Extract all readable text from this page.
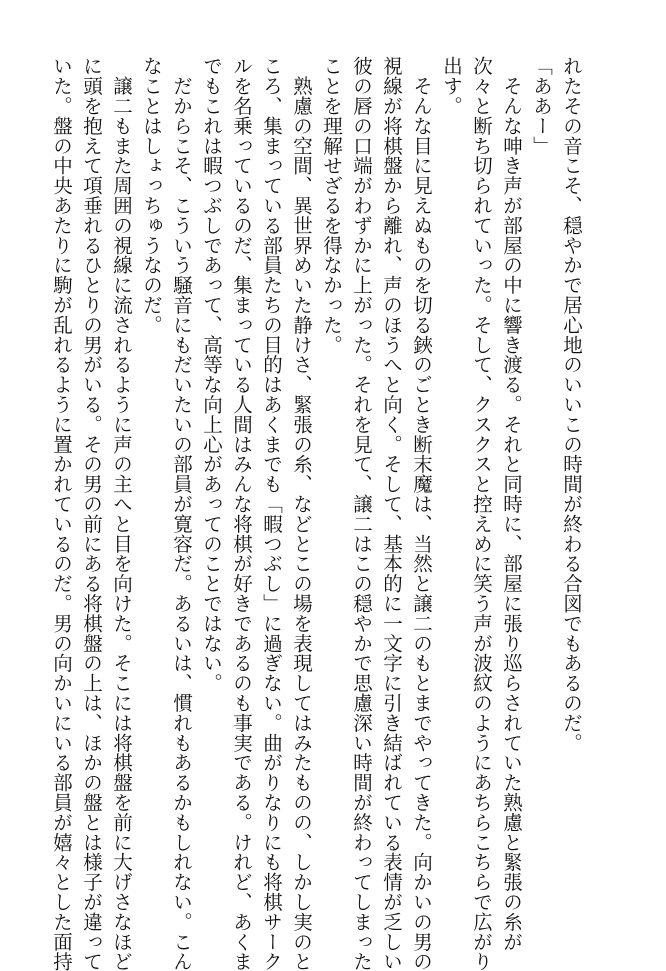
れたその音こそ、穏やかで居心地のいいこの時間が終わる合図でもあるのだ。
「ああー」
　そんな呻き声が部屋の中に響き渡る。それと同時に、部屋に張り巡らされていた熟慮と緊張の糸が
次々と断ち切られていった。そして、クスクスと控えめに笑う声が波紋のようにあちらこちらで広がり
出す。
　そんな目に見えぬものを切る鋏のごとき断末魔は、当然と譲二のもとまでやってきた。向かいの男の
視線が将棋盤から離れ、声のほうへと向く。そして、基本的に一文字に引き結ばれている表情が乏しい
彼の唇の口端がわずかに上がった。それを見て、譲二はこの穏やかで思慮深い時間が終わってしまった
ことを理解せざるを得なかった。
　熟慮の空間、異世界めいた静けさ、緊張の糸、などとこの場を表現してはみたものの、しかし実のと
ころ、集まっている部員たちの目的はあくまでも「暇つぶし」に過ぎない。曲がりなりにも将棋サーク
ルを名乗っているのだ、集まっている人間はみんな将棋が好きであるのも事実である。けれど、あくま
でもこれは暇つぶしであって、高等な向上心があってのことではない。
　だからこそ、こういう騒音にもだいたいの部員が寛容だ。あるいは、慣れもあるかもしれない。こん
なことはしょっちゅうなのだ。
　譲二もまた周囲の視線に流されるように声の主へと目を向けた。そこには将棋盤を前に大げさなほど
に頭を抱えて項垂れるひとりの男がいる。その男の前にある将棋盤の上は、ほかの盤とは様子が違って
いた。盤の中央あたりに駒が乱れるように置かれているのだ。男の向かいにいる部員が嬉々とした面持
